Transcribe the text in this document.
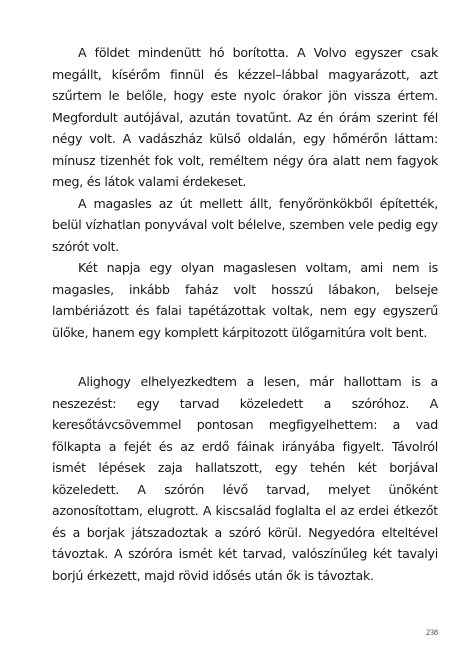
A földet mindenütt hó borította. A Volvo egyszer csak megállt, kísérőm finnül és kézzel–lábbal magyarázott, azt szűrtem le belőle, hogy este nyolc órakor jön vissza értem. Megfordult autójával, azután tovatűnt. Az én órám szerint fél négy volt. A vadászház külső oldalán, egy hőmérőn láttam: mínusz tizenhét fok volt, reméltem négy óra alatt nem fagyok meg, és látok valami érdekeset.

A magasles az út mellett állt, fenyőrönkökből építették, belül vízhatlan ponyvával volt bélelve, szemben vele pedig egy szórót volt.

Két napja egy olyan magaslesen voltam, ami nem is magasles, inkább faház volt hosszú lábakon, belseje lambériázott és falai tapétázottak voltak, nem egy egyszerű ülőke, hanem egy komplett kárpitozott ülőgarnitúra volt bent.

Alighogy elhelyezkedtem a lesen, már hallottam is a neszezést: egy tarvad közeledett a szóróhoz. A keresőtávcsövemmel pontosan megfigyelhettem: a vad fölkapta a fejét és az erdő fáinak irányába figyelt. Távolról ismét lépések zaja hallatszott, egy tehén két borjával közeledett. A szórón lévő tarvad, melyet ünőként azonosítottam, elugrott. A kiscsalád foglalta el az erdei étkezőt és a borjak játszadoztak a szóró körül. Negyedóra elteltével távoztak. A szóróra ismét két tarvad, valószínűleg két tavalyi borjú érkezett, majd rövid idősés után ők is távoztak.

238
